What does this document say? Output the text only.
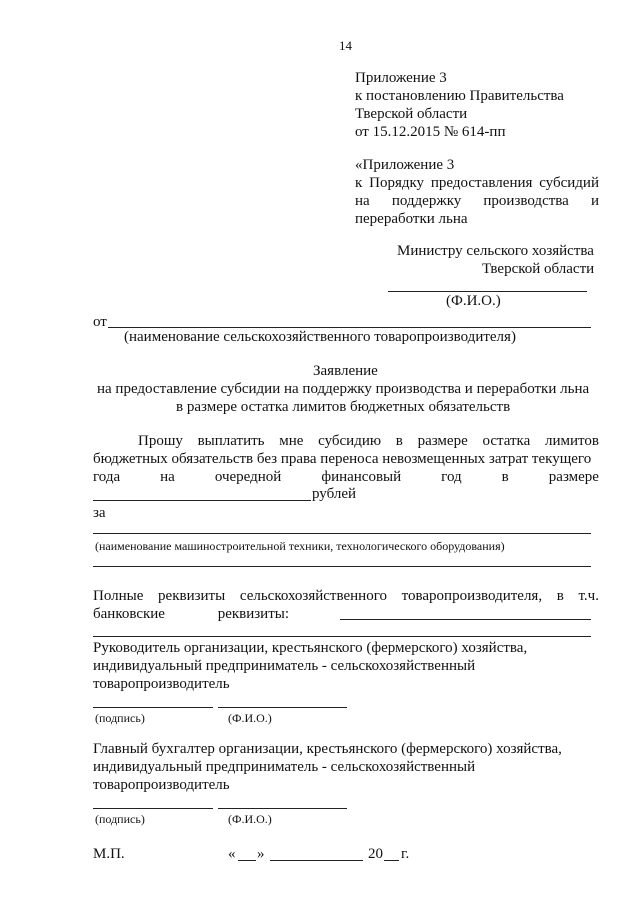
14
Приложение 3
к постановлению Правительства
Тверской области
от 15.12.2015 № 614-пп
«Приложение 3
к Порядку предоставления субсидий
на поддержку производства и
переработки льна
Министру сельского хозяйства
Тверской области
(Ф.И.О.)
от
(наименование сельскохозяйственного товаропроизводителя)
Заявление
на предоставление субсидии на поддержку производства и переработки льна
в размере остатка лимитов бюджетных обязательств
Прошу выплатить мне субсидию в размере остатка лимитов
бюджетных обязательств без права переноса невозмещенных затрат текущего
года	на	очередной	финансовый	год	в	размере
рублей
за
(наименование машиностроительной техники, технологического оборудования)
Полные реквизиты сельскохозяйственного товаропроизводителя, в т.ч.
банковские	реквизиты:
Руководитель организации, крестьянского (фермерского) хозяйства,
индивидуальный предприниматель - сельскохозяйственный
товаропроизводитель
(подпись)	(Ф.И.О.)
Главный бухгалтер организации, крестьянского (фермерского) хозяйства,
индивидуальный предприниматель - сельскохозяйственный
товаропроизводитель
(подпись)	(Ф.И.О.)
М.П.	« »	20 г.
